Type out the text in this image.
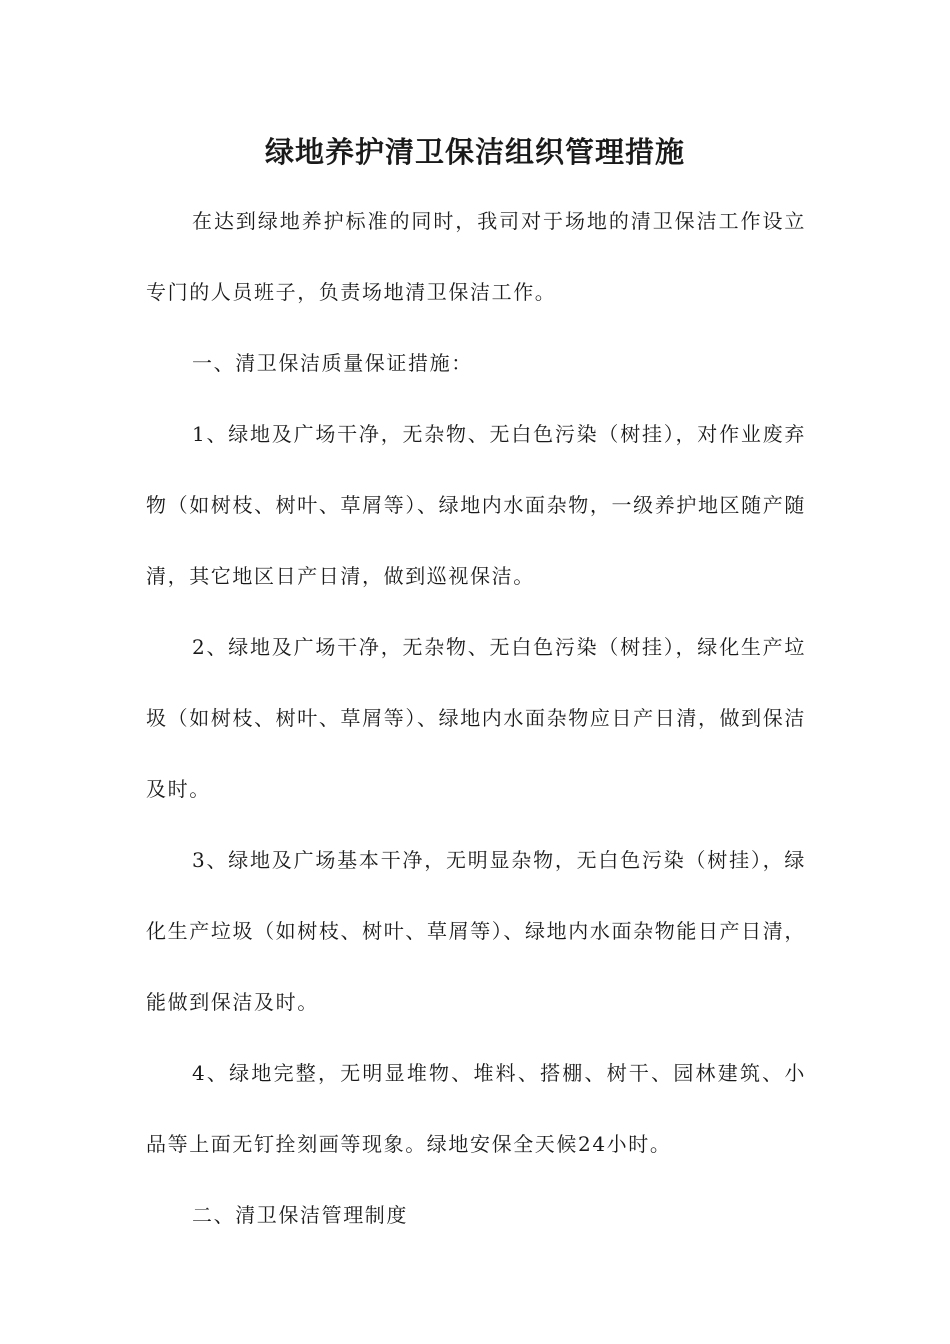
绿地养护清卫保洁组织管理措施

在达到绿地养护标准的同时，我司对于场地的清卫保洁工作设立专门的人员班子，负责场地清卫保洁工作。

一、清卫保洁质量保证措施：

1、绿地及广场干净，无杂物、无白色污染（树挂），对作业废弃物（如树枝、树叶、草屑等）、绿地内水面杂物，一级养护地区随产随清，其它地区日产日清，做到巡视保洁。

2、绿地及广场干净，无杂物、无白色污染（树挂），绿化生产垃圾（如树枝、树叶、草屑等）、绿地内水面杂物应日产日清，做到保洁及时。

3、绿地及广场基本干净，无明显杂物，无白色污染（树挂），绿化生产垃圾（如树枝、树叶、草屑等）、绿地内水面杂物能日产日清，能做到保洁及时。

4、绿地完整，无明显堆物、堆料、搭棚、树干、园林建筑、小品等上面无钉拴刻画等现象。绿地安保全天候24小时。

二、清卫保洁管理制度
